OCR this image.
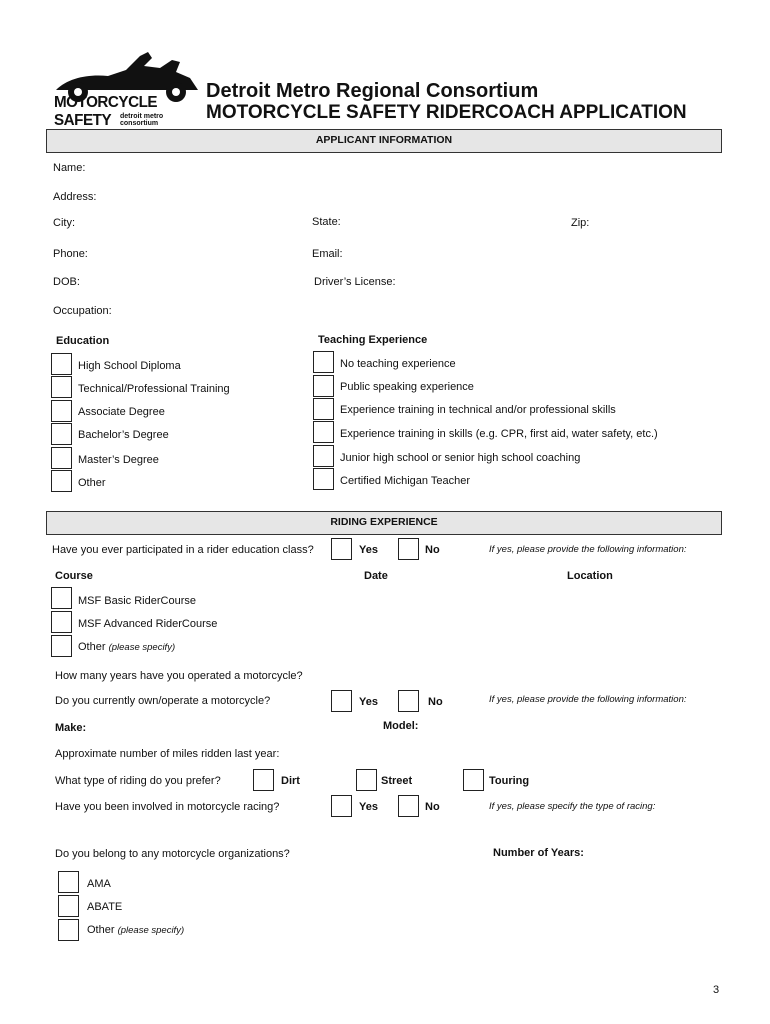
MOTORCYCLE SAFETY	detroit metro consortium
Detroit Metro Regional Consortium
MOTORCYCLE SAFETY RIDERCOACH APPLICATION
APPLICANT INFORMATION
Name:
Address:
City:	State:	Zip:
Phone:	Email:
DOB:	Driver’s License:
Occupation:
Education
High School Diploma
Technical/Professional Training
Associate Degree
Bachelor’s Degree
Master’s Degree
Other
Teaching Experience
No teaching experience
Public speaking experience
Experience training in technical and/or professional skills
Experience training in skills (e.g. CPR, first aid, water safety, etc.)
Junior high school or senior high school coaching
Certified Michigan Teacher
RIDING EXPERIENCE
Have you ever participated in a rider education class?	Yes	No	If yes, please provide the following information:
Course	Date	Location
MSF Basic RiderCourse
MSF Advanced RiderCourse
Other (please specify)
How many years have you operated a motorcycle?
Do you currently own/operate a motorcycle?	Yes	No	If yes, please provide the following information:
Make:	Model:
Approximate number of miles ridden last year:
What type of riding do you prefer?	Dirt	Street	Touring
Have you been involved in motorcycle racing?	Yes	No	If yes, please specify the type of racing:
Do you belong to any motorcycle organizations?	Number of Years:
AMA
ABATE
Other (please specify)
3
